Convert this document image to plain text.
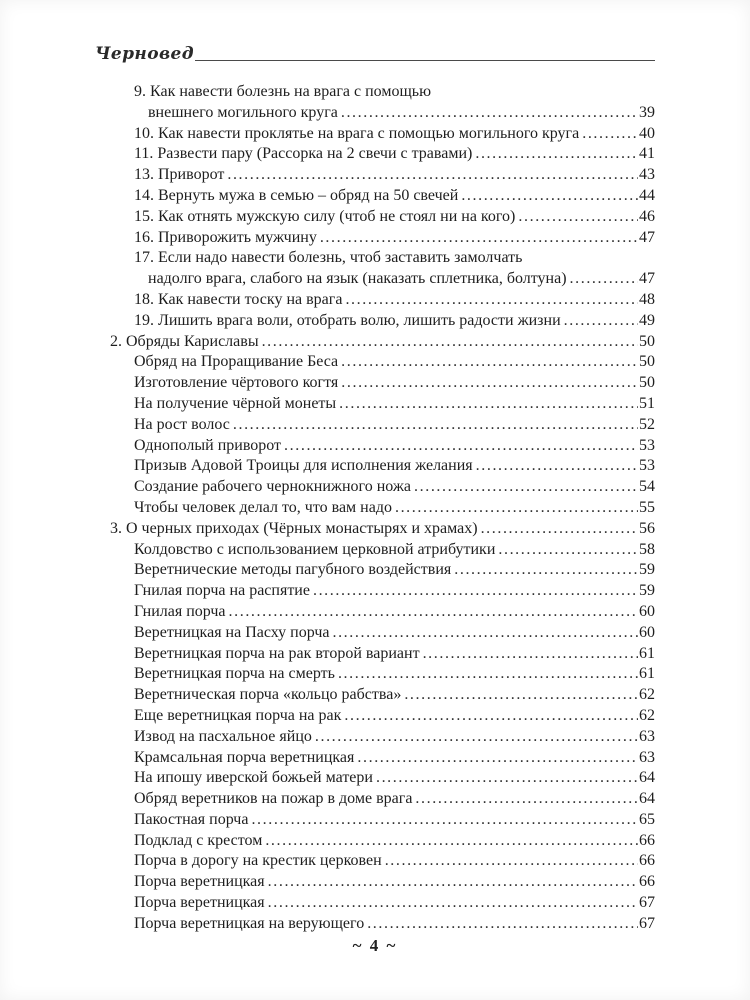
Черновед
9. Как навести болезнь на врага с помощью
внешнего могильного круга .....	39
10. Как навести проклятье на врага с помощью могильного круга .....	40
11. Развести пару (Рассорка на 2 свечи с травами) .....	41
13. Приворот .....	43
14. Вернуть мужа в семью – обряд на 50 свечей .....	44
15. Как отнять мужскую силу (чтоб не стоял ни на кого) .....	46
16. Приворожить мужчину .....	47
17. Если надо навести болезнь, чтоб заставить замолчать
надолго врага, слабого на язык (наказать сплетника, болтуна) .....	47
18. Как навести тоску на врага .....	48
19. Лишить врага воли, отобрать волю, лишить радости жизни .....	49
2. Обряды Кариславы .....	50
Обряд на Проращивание Беса .....	50
Изготовление чёртового когтя .....	50
На получение чёрной монеты .....	51
На рост волос .....	52
Однополый приворот .....	53
Призыв Адовой Троицы для исполнения желания .....	53
Создание рабочего чернокнижного ножа .....	54
Чтобы человек делал то, что вам надо .....	55
3. О черных приходах (Чёрных монастырях и храмах) .....	56
Колдовство с использованием церковной атрибутики .....	58
Веретнические методы пагубного воздействия .....	59
Гнилая порча на распятие .....	59
Гнилая порча .....	60
Веретницкая на Пасху порча .....	60
Веретницкая порча на рак второй вариант .....	61
Веретницкая порча на смерть .....	61
Веретническая порча «кольцо рабства» .....	62
Еще веретницкая порча на рак .....	62
Извод на пасхальное яйцо .....	63
Крамсальная порча веретницкая .....	63
На ипошу иверской божьей матери .....	64
Обряд веретников на пожар в доме врага .....	64
Пакостная порча .....	65
Подклад с крестом .....	66
Порча в дорогу на крестик церковен .....	66
Порча веретницкая .....	66
Порча веретницкая .....	67
Порча веретницкая на верующего .....	67
~ 4 ~
